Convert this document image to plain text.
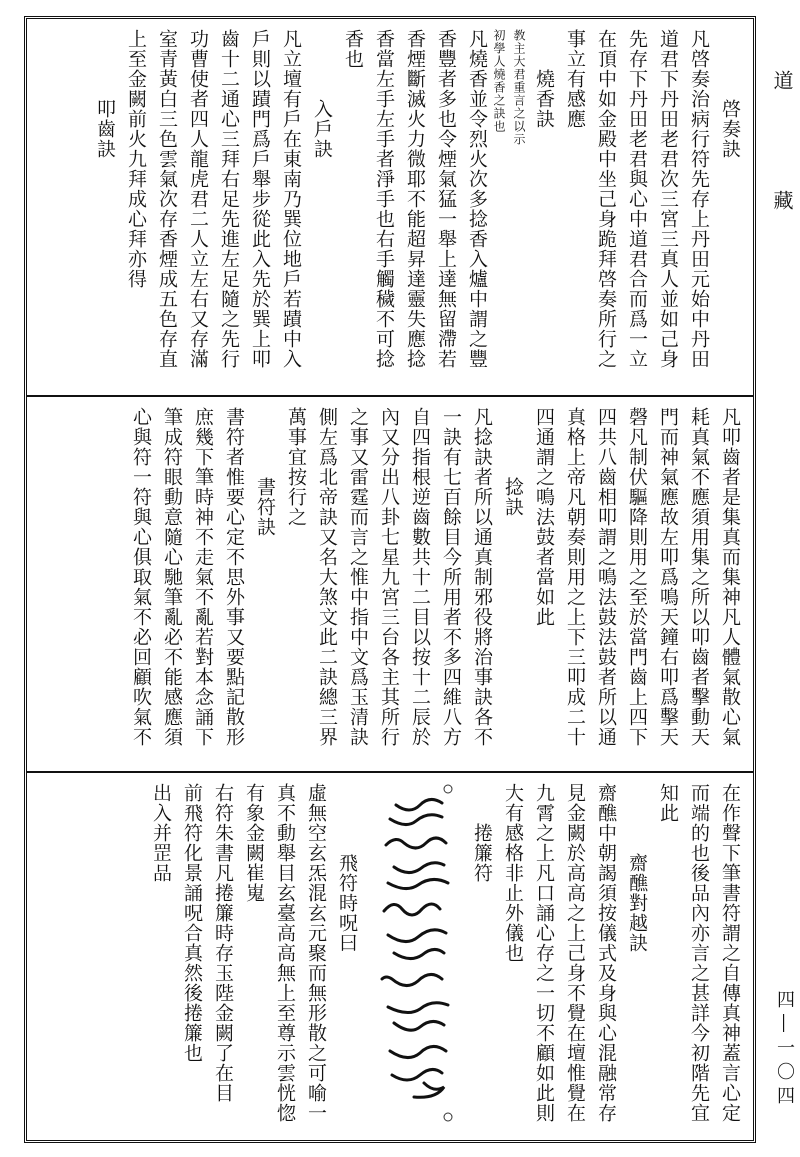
道　藏
四―一〇四
啓奏訣
凡啓奏治病行符先存上丹田元始中丹田
道君下丹田老君次三宮三真人並如己身
先存下丹田老君與心中道君合而爲一立
在頂中如金殿中坐己身跪拜啓奏所行之
事立有感應
燒香訣
教主大君重言之以示
初學人燒香之訣也
凡燒香並令烈火次多捻香入爐中謂之豐
香豐者多也令煙氣猛一舉上達無留滯若
香煙斷滅火力微耶不能超昇達靈失應捻
香當左手左手者淨手也右手觸穢不可捻
香也
入戶訣
凡立壇有戶在東南乃巽位地戶若蹟中入
戶則以蹟門爲戶舉步從此入先於巽上叩
齒十二通心三拜右足先進左足隨之先行
功曹使者四人龍虎君二人立左右又存滿
室青黃白三色雲氣次存香煙成五色存直
上至金闕前火九拜成心拜亦得
叩齒訣
凡叩齒者是集真而集神凡人體氣散心氣
耗真氣不應須用集之所以叩齒者擊動天
門而神氣應故左叩爲鳴天鐘右叩爲擊天
磬凡制伏驅降則用之至於當門齒上四下
四共八齒相叩謂之鳴法鼓法鼓者所以通
真格上帝凡朝奏則用之上下三叩成二十
四通謂之鳴法鼓者當如此
捻訣
凡捻訣者所以通真制邪役將治事訣各不
一訣有七百餘目今所用者不多四維八方
自四指根逆齒數共十二目以按十二辰於
內又分出八卦七星九宮三台各主其所行
之事又雷霆而言之惟中指中文爲玉清訣
側左爲北帝訣又名大煞文此二訣總三界
萬事宜按行之
書符訣
書符者惟要心定不思外事又要點記散形
庶幾下筆時神不走氣不亂若對本念誦下
筆成符眼動意隨心馳筆亂必不能感應須
心與符一符與心俱取氣不必回顧吹氣不
在作聲下筆書符謂之自傳真神蓋言心定
而端的也後品內亦言之甚詳今初階先宜
知此
齋醮對越訣
齋醮中朝謁須按儀式及身與心混融常存
見金闕於高高之上己身不覺在壇惟覺在
九霄之上凡口誦心存之一切不顧如此則
大有感格非止外儀也
捲簾符
飛符時呪曰
虛無空玄炁混玄元聚而無形散之可喻一
真不動舉目玄臺高高無上至尊示雲恍惚
有象金闕崔嵬
右符朱書凡捲簾時存玉陛金闕了在目
前飛符化景誦呪合真然後捲簾也
出入并罡品
